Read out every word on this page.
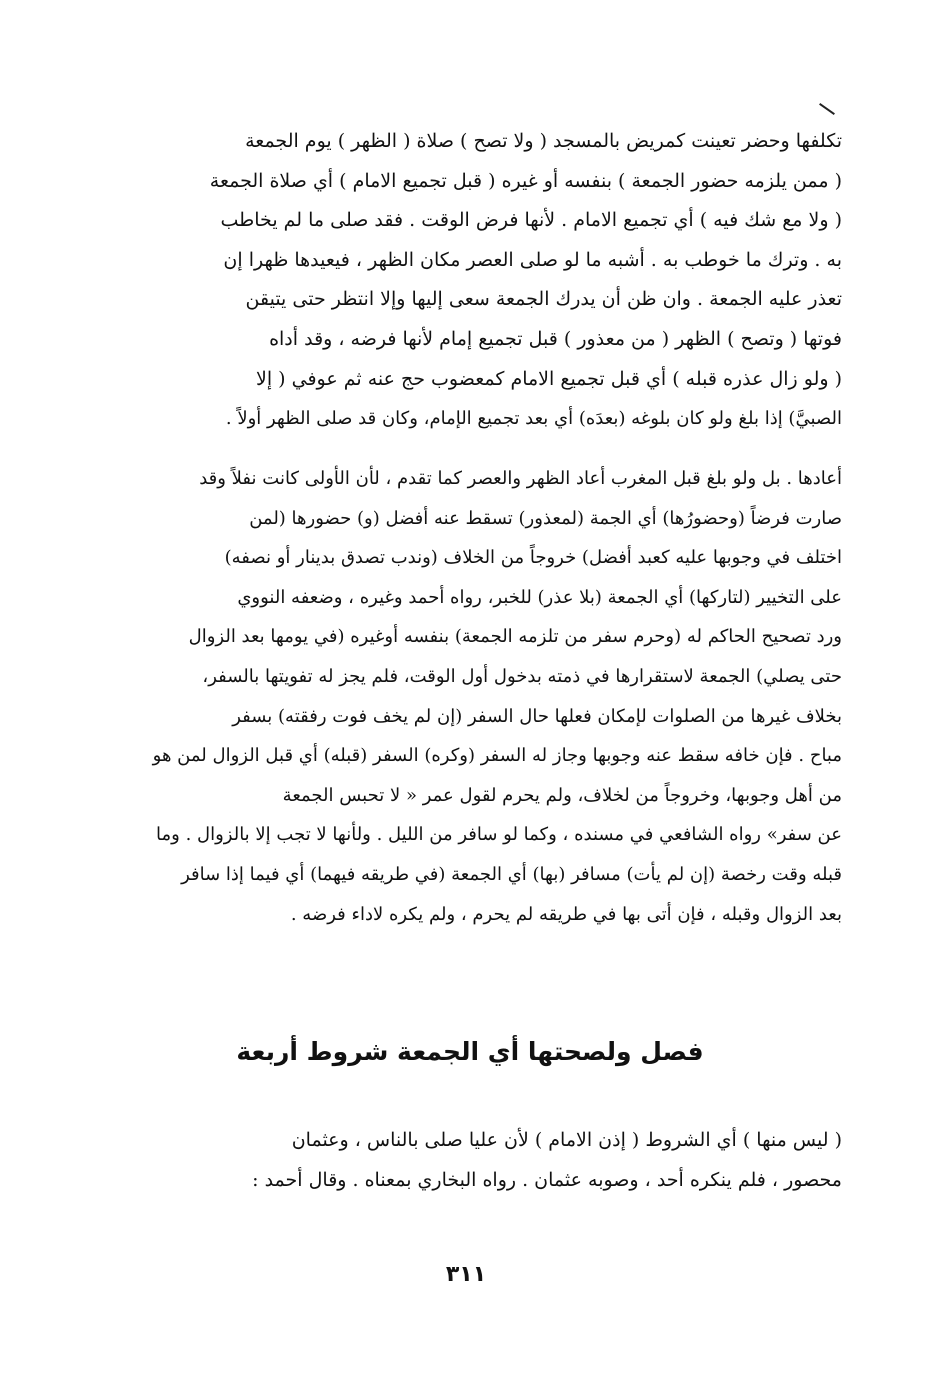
تكلفها وحضر تعينت كمريض بالمسجد ( ولا تصح ) صلاة ( الظهر ) يوم الجمعة
( ممن يلزمه حضور الجمعة ) بنفسه أو غيره ( قبل تجميع الامام ) أي صلاة الجمعة
( ولا مع شك فيه ) أي تجميع الامام . لأنها فرض الوقت . فقد صلى ما لم يخاطب
به . وترك ما خوطب به . أشبه ما لو صلى العصر مكان الظهر ، فيعيدها ظهرا إن
تعذر عليه الجمعة . وان ظن أن يدرك الجمعة سعى إليها وإلا انتظر حتى يتيقن
فوتها ( وتصح ) الظهر ( من معذور ) قبل تجميع إمام لأنها فرضه ، وقد أداه
( ولو زال عذره قبله ) أي قبل تجميع الامام كمعضوب حج عنه ثم عوفي ( إلا
الصبيَّ) إذا بلغ ولو كان بلوغه (بعدَه) أي بعد تجميع الإمام، وكان قد صلى الظهر أولاً .
أعادها . بل ولو بلغ قبل المغرب أعاد الظهر والعصر كما تقدم ، لأن الأولى كانت نفلاً وقد
صارت فرضاً (وحضورُها) أي الجمة (لمعذور) تسقط عنه أفضل (و) حضورها (لمن
اختلف في وجوبها عليه كعبد أفضل) خروجاً من الخلاف (وندب تصدق بدينار أو نصفه)
على التخيير (لتاركها) أي الجمعة (بلا عذر) للخبر، رواه أحمد وغيره ، وضعفه النووي
ورد تصحيح الحاكم له (وحرم سفر من تلزمه الجمعة) بنفسه أوغيره (في يومها بعد الزوال
حتى يصلي) الجمعة لاستقرارها في ذمته بدخول أول الوقت، فلم يجز له تفويتها بالسفر،
بخلاف غيرها من الصلوات لإمكان فعلها حال السفر (إن لم يخف فوت رفقته) بسفر
مباح . فإن خافه سقط عنه وجوبها وجاز له السفر (وكره) السفر (قبله) أي قبل الزوال لمن هو
من أهل وجوبها، وخروجاً من لخلاف، ولم يحرم لقول عمر « لا تحبس الجمعة
عن سفر» رواه الشافعي في مسنده ، وكما لو سافر من الليل . ولأنها لا تجب إلا بالزوال . وما
قبله وقت رخصة (إن لم يأت) مسافر (بها) أي الجمعة (في طريقه فيهما) أي فيما إذا سافر
بعد الزوال وقبله ، فإن أتى بها في طريقه لم يحرم ، ولم يكره لاداء فرضه .
فصل ولصحتها أي الجمعة شروط أربعة
( ليس منها ) أي الشروط ( إذن الامام ) لأن عليا صلى بالناس ، وعثمان
محصور ، فلم ينكره أحد ، وصوبه عثمان . رواه البخاري بمعناه . وقال أحمد :
٣١١
